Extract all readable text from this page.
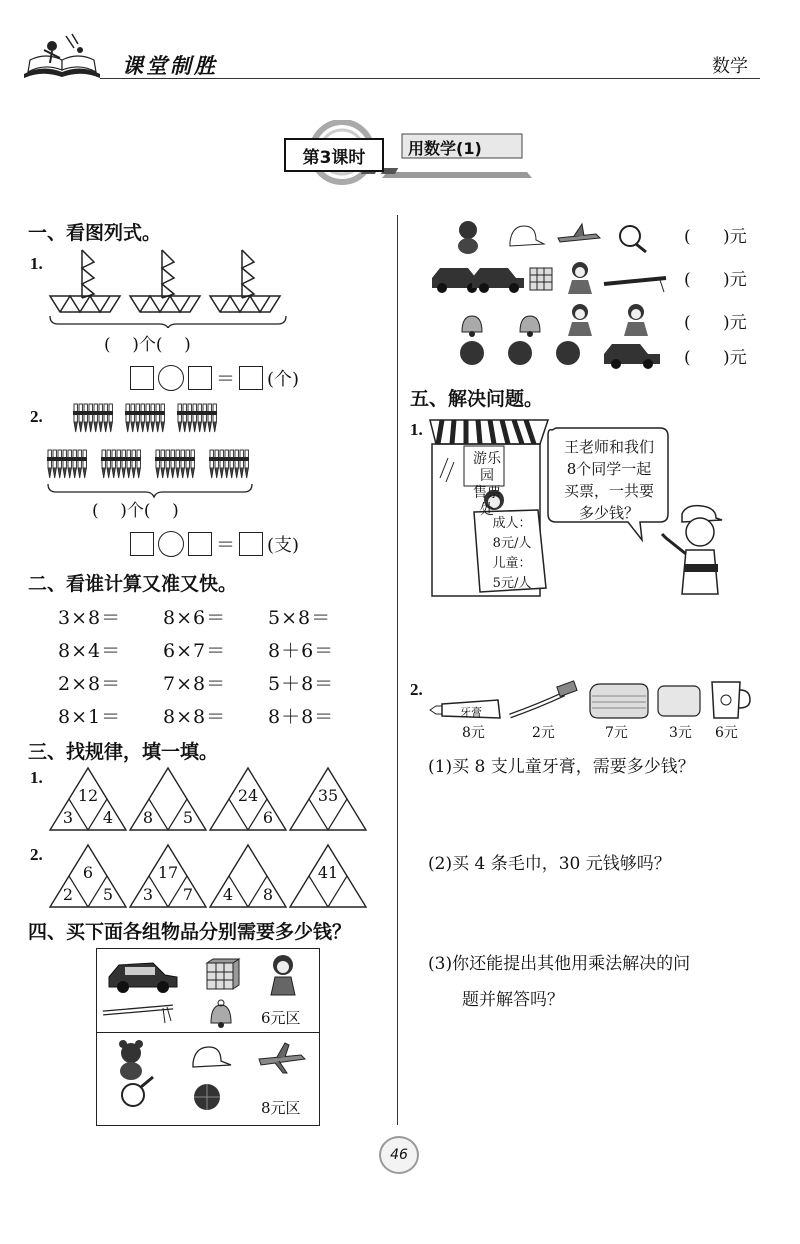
课堂制胜	数学
第3课时	用数学(1)
一、看图列式。
1.
(    )个(    )
＝ (个)
2.
(    )个(    )
＝ (支)
二、看谁计算又准又快。
3×8＝ 8×6＝ 5×8＝
8×4＝ 6×7＝ 8＋6＝
2×8＝ 7×8＝ 5＋8＝
8×1＝ 8×8＝ 8＋8＝
三、找规律，填一填。
1.
2.
12
3	4	8	5
24
6
35
6
2	5
17
3	7	4	8
41
四、买下面各组物品分别需要多少钱？
6元区
8元区
(      )元
(      )元
(      )元
(      )元
五、解决问题。
1.
游乐园
售票处
成人：
8元/人
儿童：
5元/人
王老师和我们
8个同学一起
买票，一共要
多少钱？
2.
牙膏
8元	2元	7元	3元 6元
(1)买 8 支儿童牙膏，需要多少钱？
(2)买 4 条毛巾，30 元钱够吗？
(3)你还能提出其他用乘法解决的问
题并解答吗？
46
